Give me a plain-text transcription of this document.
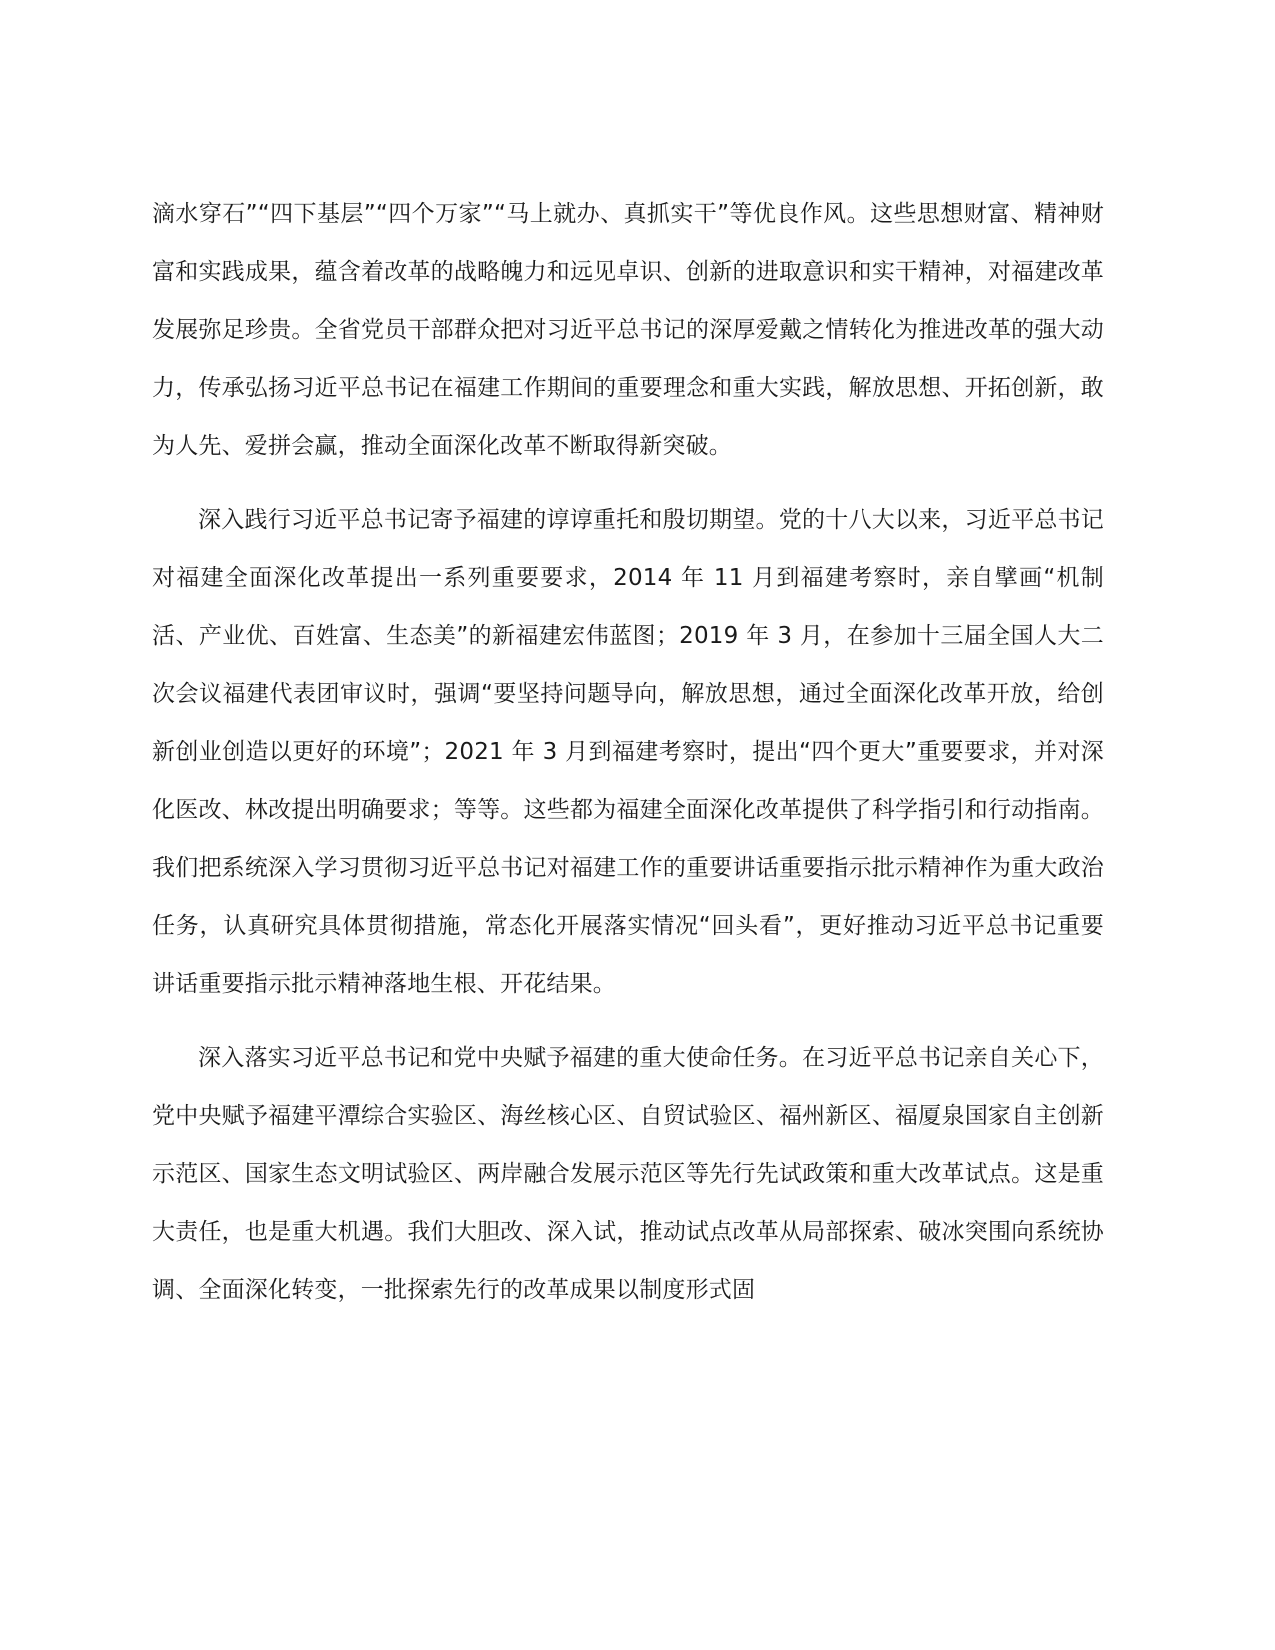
滴水穿石”“四下基层”“四个万家”“马上就办、真抓实干”等优良作风。这些思想财富、精神财富和实践成果，蕴含着改革的战略魄力和远见卓识、创新的进取意识和实干精神，对福建改革发展弥足珍贵。全省党员干部群众把对习近平总书记的深厚爱戴之情转化为推进改革的强大动力，传承弘扬习近平总书记在福建工作期间的重要理念和重大实践，解放思想、开拓创新，敢为人先、爱拼会赢，推动全面深化改革不断取得新突破。

深入践行习近平总书记寄予福建的谆谆重托和殷切期望。党的十八大以来，习近平总书记对福建全面深化改革提出一系列重要要求，2014 年 11 月到福建考察时，亲自擘画“机制活、产业优、百姓富、生态美”的新福建宏伟蓝图；2019 年 3 月，在参加十三届全国人大二次会议福建代表团审议时，强调“要坚持问题导向，解放思想，通过全面深化改革开放，给创新创业创造以更好的环境”；2021 年 3 月到福建考察时，提出“四个更大”重要要求，并对深化医改、林改提出明确要求；等等。这些都为福建全面深化改革提供了科学指引和行动指南。我们把系统深入学习贯彻习近平总书记对福建工作的重要讲话重要指示批示精神作为重大政治任务，认真研究具体贯彻措施，常态化开展落实情况“回头看”，更好推动习近平总书记重要讲话重要指示批示精神落地生根、开花结果。

深入落实习近平总书记和党中央赋予福建的重大使命任务。在习近平总书记亲自关心下，党中央赋予福建平潭综合实验区、海丝核心区、自贸试验区、福州新区、福厦泉国家自主创新示范区、国家生态文明试验区、两岸融合发展示范区等先行先试政策和重大改革试点。这是重大责任，也是重大机遇。我们大胆改、深入试，推动试点改革从局部探索、破冰突围向系统协调、全面深化转变，一批探索先行的改革成果以制度形式固
